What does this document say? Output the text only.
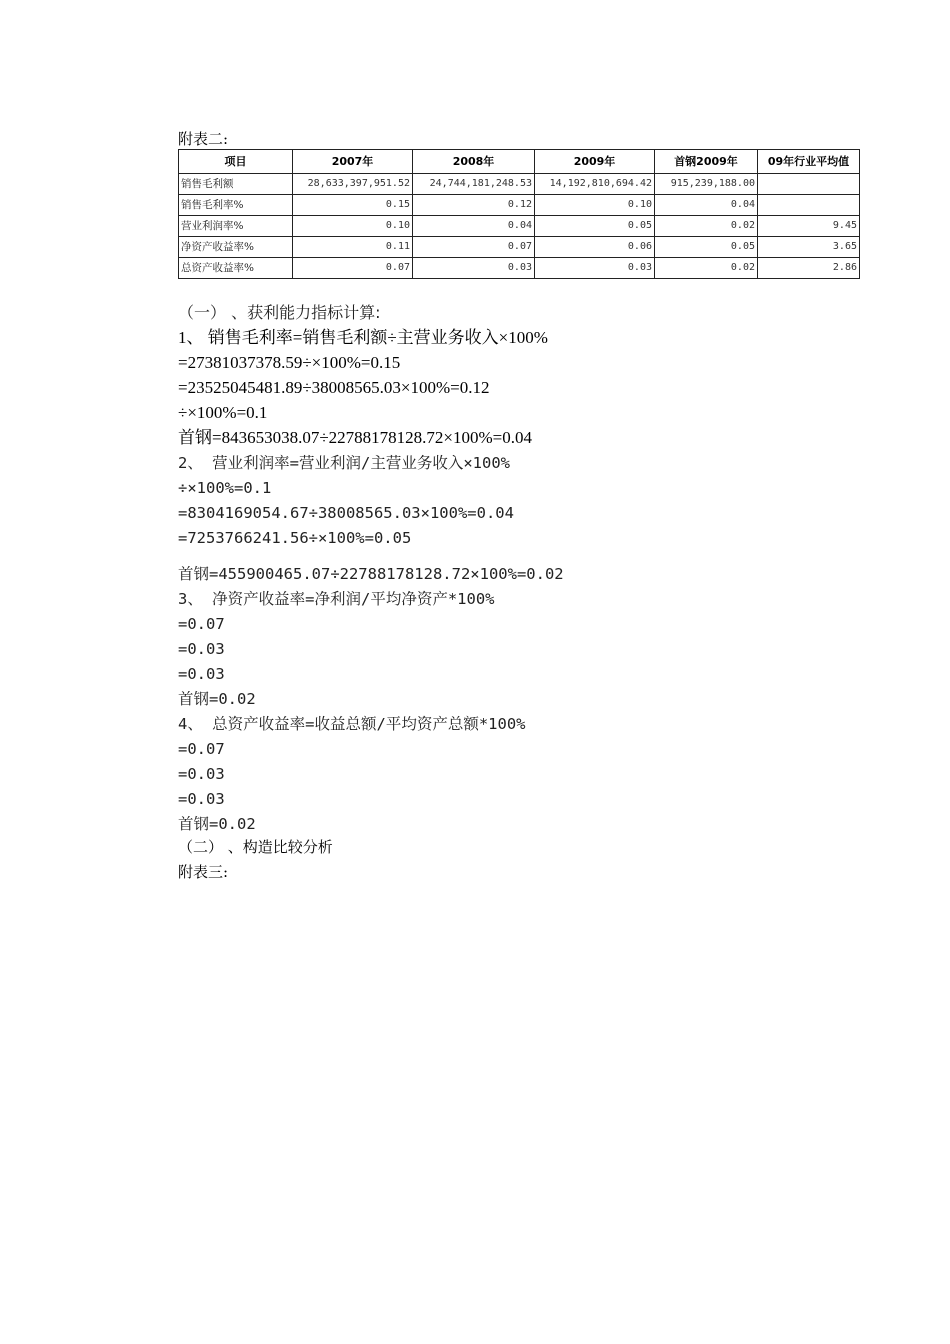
附表二:
项目	2007年	2008年	2009年	首钢2009年	09年行业平均值
销售毛利额	28,633,397,951.52	24,744,181,248.53	14,192,810,694.42	915,239,188.00	
销售毛利率%	0.15	0.12	0.10	0.04	
营业利润率%	0.10	0.04	0.05	0.02	9.45
净资产收益率%	0.11	0.07	0.06	0.05	3.65
总资产收益率%	0.07	0.03	0.03	0.02	2.86
（一） 、获利能力指标计算:
1、 销售毛利率=销售毛利额÷主营业务收入×100%
=27381037378.59÷×100%=0.15
=23525045481.89÷38008565.03×100%=0.12
÷×100%=0.1
首钢=843653038.07÷22788178128.72×100%=0.04
2、 营业利润率=营业利润/主营业务收入×100%
÷×100%=0.1
=8304169054.67÷38008565.03×100%=0.04
=7253766241.56÷×100%=0.05
首钢=455900465.07÷22788178128.72×100%=0.02
3、 净资产收益率=净利润/平均净资产*100%
=0.07
=0.03
=0.03
首钢=0.02
4、 总资产收益率=收益总额/平均资产总额*100%
=0.07
=0.03
=0.03
首钢=0.02
（二） 、构造比较分析
附表三:
